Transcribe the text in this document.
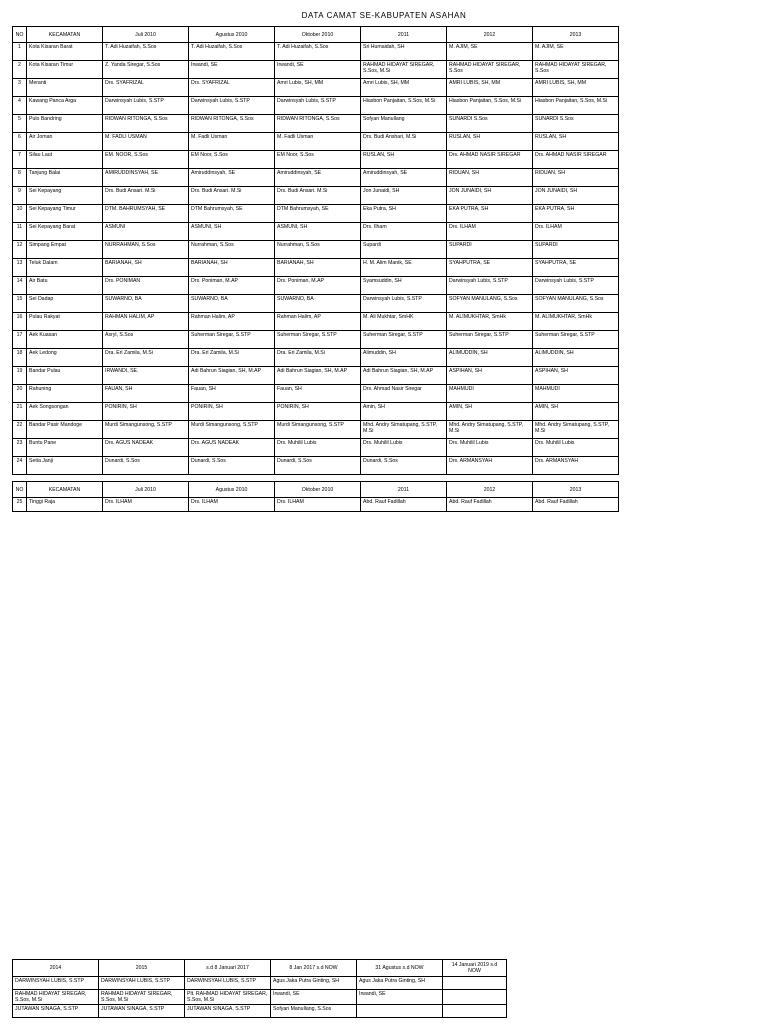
DATA CAMAT SE-KABUPATEN ASAHAN
NO	KECAMATAN	Juli 2010	Agustus 2010	Oktober 2010	2011	2012	2013
1	Kota Kisaran Barat	T. Adi Huzaifah, S.Sos	T. Adi Huzaifah, S.Sos	T. Adi Huzaifah, S.Sos	Sri Humaidah, SH	M. AJIM, SE	M. AJIM, SE
2	Kota Kisaran Timur	Z. Yanda Siregar, S.Sos	Irwandi, SE	Irwandi, SE	RAHMAD HIDAYAT SIREGAR, S.Sos, M.Si	RAHMAD HIDAYAT SIREGAR, S.Sos	RAHMAD HIDAYAT SIREGAR, S.Sos
3	Meranti	Drs. SYAFRIZAL	Drs. SYAFRIZAL	Amri Lubis, SH, MM	Amri Lubis, SH, MM	AMRI LUBIS, SH, MM	AMRI LUBIS, SH, MM
4	Kawang Panca Arga	Darwinsyah Lubis, S.STP	Darwinsyah Lubis, S.STP	Darwinsyah Lubis, S.STP	Hiasbon Panjaitan, S.Sos, M.Si	Hiasbon Panjaitan, S.Sos, M.Si	Hiasbon Panjaitan, S.Sos, M.Si
5	Pulo Bandring	RIDWAN RITONGA, S.Sos	RIDWAN RITONGA, S.Sos	RIDWAN RITONGA, S.Sos	Sofyan Manullang	SUNARDI S.Sos	SUNARDI S.Sos
6	Air Joman	M. FADLI USMAN	M. Fadli Usman	M. Fadli Usman	Drs. Budi Anshari, M.Si	RUSLAN, SH	RUSLAN, SH
7	Silau Laut	EM. NOOR, S.Sos	EM Noor, S.Sos	EM Noor, S.Sos	RUSLAN, SH	Drs. AHMAD NASIR SIREGAR	Drs. AHMAD NASIR SIREGAR
8	Tanjung Balai	AMIRUDDINSYAH, SE	Amiruddinsyah, SE	Amiruddinsyah, SE	Amiruddinsyah, SE	RIDUAN, SH	RIDUAN, SH
9	Sei Kepayang	Drs. Budi Ansari. M.Si	Drs. Budi Ansari. M.Si	Drs. Budi Ansari. M.Si	Jon Junaidi, SH	JON JUNAIDI, SH	JON JUNAIDI, SH
10	Sei Kepayang Timur	DTM. BAHRUMSYAH, SE	DTM Bahrumsyah, SE	DTM Bahrumsyah, SE	Eka Putra, SH	EKA PUTRA, SH	EKA PUTRA, SH
11	Sei Kepayang Barat	ASMUNI	ASMUNI, SH	ASMUNI, SH	Drs. Ilham	Drs. ILHAM	Drs. ILHAM
12	Simpang Empat	NURRAHMAN, S.Sos	Nurrahman, S.Sos	Nurrahman, S.Sos	Supardi	SUPARDI	SUPARDI
13	Teluk Dalam	BARIANAH, SH	BARIANAH, SH	BARIANAH, SH	H. M. Alim Manik, SE	SYAHPUTRA, SE	SYAHPUTRA, SE
14	Air Batu	Drs. PONIMAN	Drs. Poniman, M.AP	Drs. Poniman, M.AP	Syamsuddin, SH	Darwinsyah Lubis, S.STP	Darwinsyah Lubis, S.STP
15	Sei Dadap	SUWARNO, BA	SUWARNO, BA	SUWARNO, BA	Darwinsyah Lubis, S.STP	SOFYAN MANULANG, S.Sos	SOFYAN MANULANG, S.Sos
16	Pulau Rakyat	RAHMAN HALIM, AP	Rahman Halim, AP	Rahman Halim, AP	M. Ali Mukhtar, SmHK	M. ALIMUKHTAR, SmHk	M. ALIMUKHTAR, SmHk
17	Aek Kuasan	Asryl, S.Sos	Suherman Siregar, S.STP	Suherman Siregar, S.STP	Suherman Siregar, S.STP	Suherman Siregar, S.STP	Suherman Siregar, S.STP
18	Aek Ledong	Dra. Eri Zamila, M.Si	Dra. Eri Zamila, M.Si	Dra. Eri Zamila, M.Si	Alimuddin, SH	ALIMUDDIN, SH	ALIMUDDIN, SH
19	Bandar Pulau	IRWANDI, SE.	Adi Bahrun Siagian, SH, M.AP	Adi Bahrun Siagian, SH, M.AP	Adi Bahrun Siagian, SH, M.AP	ASPIHAN, SH	ASPIHAN, SH
20	Rahuning	FAUAN, SH	Fauan, SH	Fauan, SH	Drs. Ahmad Nasir Siregar	MAHMUDI	MAHMUDI
21	Aek Songsongan	PONIRIN, SH	PONIRIN, SH	PONIRIN, SH	Amin, SH	AMIN, SH	AMIN, SH
22	Bandar Pasir Mandoge	Murdi Simangunsong, S.STP	Murdi Simangunsong, S.STP	Murdi Simangunsong, S.STP	Mhd. Andry Simatupang, S.STP, M.Si	Mhd. Andry Simatupang, S.STP, M.Si	Mhd. Andry Simatupang, S.STP, M.Si
23	Buntu Pane	Drs. AGUS NADEAK	Drs. AGUS NADEAK	Drs. Muhilil Lubis	Drs. Muhilil Lubis	Drs. Muhilil Lubis	Drs. Muhilil Lubis
24	Setia Janji	Dunardi, S.Sos	Dunardi, S.Sos	Dunardi, S.Sos	Dunardi, S.Sos	Drs. ARMANSYAH	Drs. ARMANSYAH
NO	KECAMATAN	Juli 2010	Agustus 2010	Oktober 2010	2011	2012	2013
25	Tinggi Raja	Drs. ILHAM	Drs. ILHAM	Drs. ILHAM	Abd. Rauf Fadillah	Abd. Rauf Fadillah	Abd. Rauf Fadillah
2014	2015	s.d 8 Januari 2017	8 Jan 2017 s.d NOW	31 Agustus s.d NOW	14 Januari 2019 s.d NOW
DARWINSYAH LUBIS, S.STP	DARWINSYAH LUBIS, S.STP	DARWINSYAH LUBIS, S.STP	Agus Jaka Putra Ginting, SH	Agus Jaka Putra Ginting, SH	
RAHMAD HIDAYAT SIREGAR, S.Sos, M.Si	RAHMAD HIDAYAT SIREGAR, S.Sos, M.Si	Plt. RAHMAD HIDAYAT SIREGAR, S.Sos, M.Si	Irwandi, SE	Irwandi, SE	
JUTAWAN SINAGA, S.STP	JUTAWAN SINAGA, S.STP	JUTAWAN SINAGA, S.STP	Sofyan Manullang, S.Sos		
